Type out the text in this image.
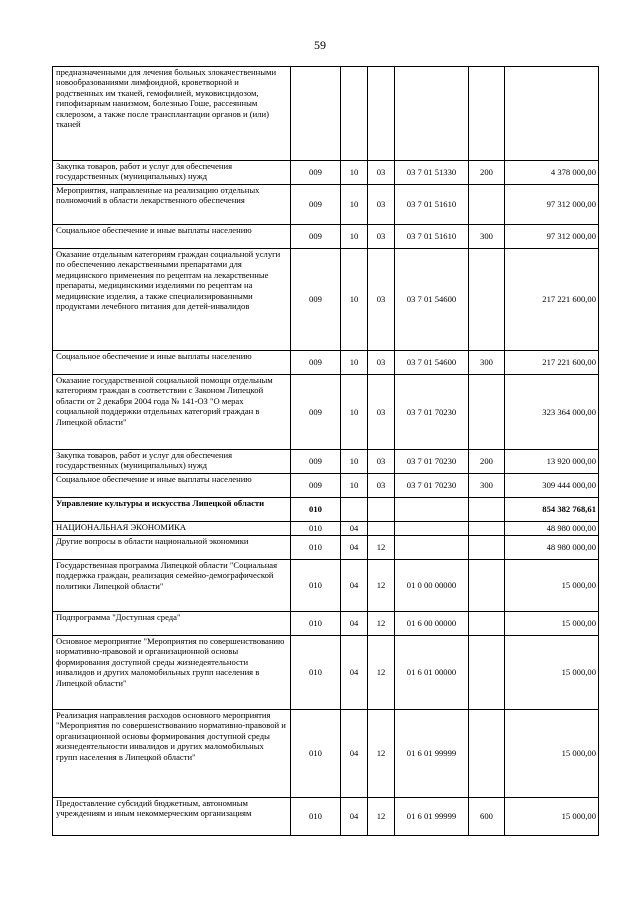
59
предназначенными для лечения больных злокачественными новообразованиями лимфоидной, кроветворной и родственных им тканей, гемофилией, муковисцидозом, гипофизарным нанизмом, болезнью Гоше, рассеянным склерозом, а также после трансплантации органов и (или) тканей						
Закупка товаров, работ и услуг для обеспечения государственных (муниципальных) нужд	009	10	03	03 7 01 51330	200	4 378 000,00
Мероприятия, направленные на реализацию отдельных полномочий в области лекарственного обеспечения	009	10	03	03 7 01 51610		97 312 000,00
Социальное обеспечение и иные выплаты населению	009	10	03	03 7 01 51610	300	97 312 000,00
Оказание отдельным категориям граждан социальной услуги по обеспечению лекарственными препаратами для медицинского применения по рецептам на лекарственные препараты, медицинскими изделиями по рецептам на медицинские изделия, а также специализированными продуктами лечебного питания для детей-инвалидов	009	10	03	03 7 01 54600		217 221 600,00
Социальное обеспечение и иные выплаты населению	009	10	03	03 7 01 54600	300	217 221 600,00
Оказание государственной социальной помощи отдельным категориям граждан в соответствии с Законом Липецкой области от 2 декабря 2004 года № 141-ОЗ "О мерах социальной поддержки отдельных категорий граждан в Липецкой области"	009	10	03	03 7 01 70230		323 364 000,00
Закупка товаров, работ и услуг для обеспечения государственных (муниципальных) нужд	009	10	03	03 7 01 70230	200	13 920 000,00
Социальное обеспечение и иные выплаты населению	009	10	03	03 7 01 70230	300	309 444 000,00
Управление культуры и искусства Липецкой области	010					854 382 768,61
НАЦИОНАЛЬНАЯ ЭКОНОМИКА	010	04				48 980 000,00
Другие вопросы в области национальной экономики	010	04	12			48 980 000,00
Государственная программа Липецкой области "Социальная поддержка граждан, реализация семейно-демографической политики Липецкой области"	010	04	12	01 0 00 00000		15 000,00
Подпрограмма "Доступная среда"	010	04	12	01 6 00 00000		15 000,00
Основное мероприятие "Мероприятия по совершенствованию нормативно-правовой и организационной основы формирования доступной среды жизнедеятельности инвалидов и других маломобильных групп населения в Липецкой области"	010	04	12	01 6 01 00000		15 000,00
Реализация направления расходов основного мероприятия "Мероприятия по совершенствованию нормативно-правовой и организационной основы формирования доступной среды жизнедеятельности инвалидов и других маломобильных групп населения в Липецкой области"	010	04	12	01 6 01 99999		15 000,00
Предоставление субсидий бюджетным, автономным учреждениям и иным некоммерческим организациям	010	04	12	01 6 01 99999	600	15 000,00
